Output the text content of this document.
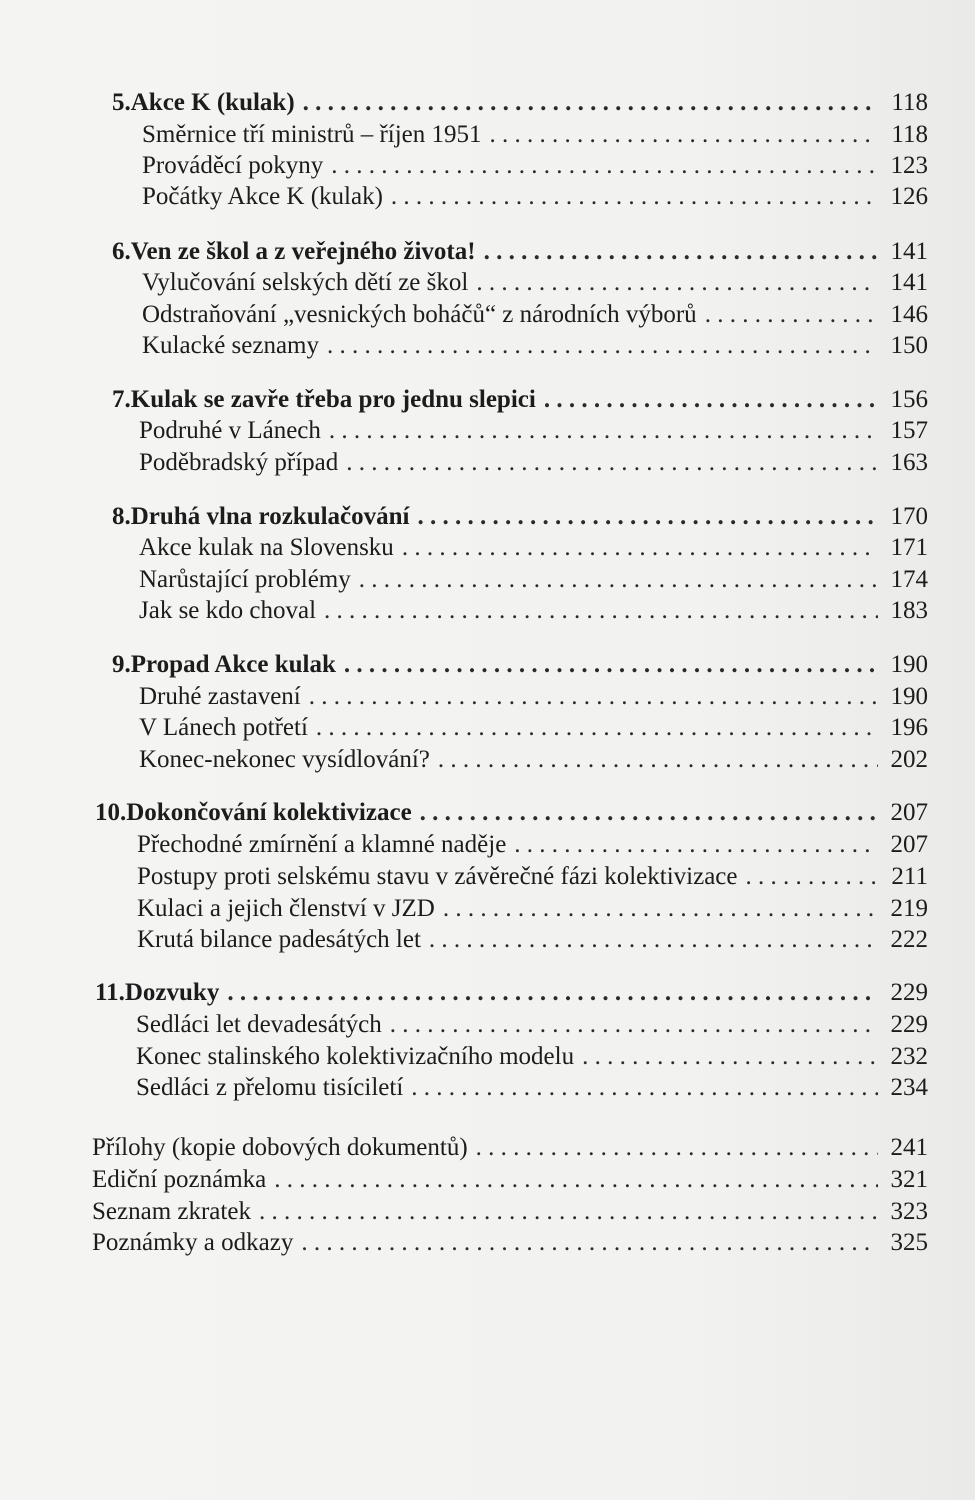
5.Akce K (kulak) . . .	118
Směrnice tří ministrů – říjen 1951 . . .	118
Prováděcí pokyny . . .	123
Počátky Akce K (kulak) . . .	126
6.Ven ze škol a z veřejného života! . . .	141
Vylučování selských dětí ze škol . . .	141
Odstraňování „vesnických boháčů“ z národních výborů . . .	146
Kulacké seznamy . . .	150
7.Kulak se zavře třeba pro jednu slepici . . .	156
Podruhé v Lánech . . .	157
Poděbradský případ . . .	163
8.Druhá vlna rozkulačování . . .	170
Akce kulak na Slovensku . . .	171
Narůstající problémy . . .	174
Jak se kdo choval . . .	183
9.Propad Akce kulak . . .	190
Druhé zastavení . . .	190
V Lánech potřetí . . .	196
Konec-nekonec vysídlování? . . .	202
10.Dokončování kolektivizace . . .	207
Přechodné zmírnění a klamné naděje . . .	207
Postupy proti selskému stavu v závěrečné fázi kolektivizace . . .	211
Kulaci a jejich členství v JZD . . .	219
Krutá bilance padesátých let . . .	222
11.Dozvuky . . .	229
Sedláci let devadesátých . . .	229
Konec stalinského kolektivizačního modelu . . .	232
Sedláci z přelomu tisíciletí . . .	234
Přílohy (kopie dobových dokumentů) . . .	241
Ediční poznámka . . .	321
Seznam zkratek . . .	323
Poznámky a odkazy . . .	325
